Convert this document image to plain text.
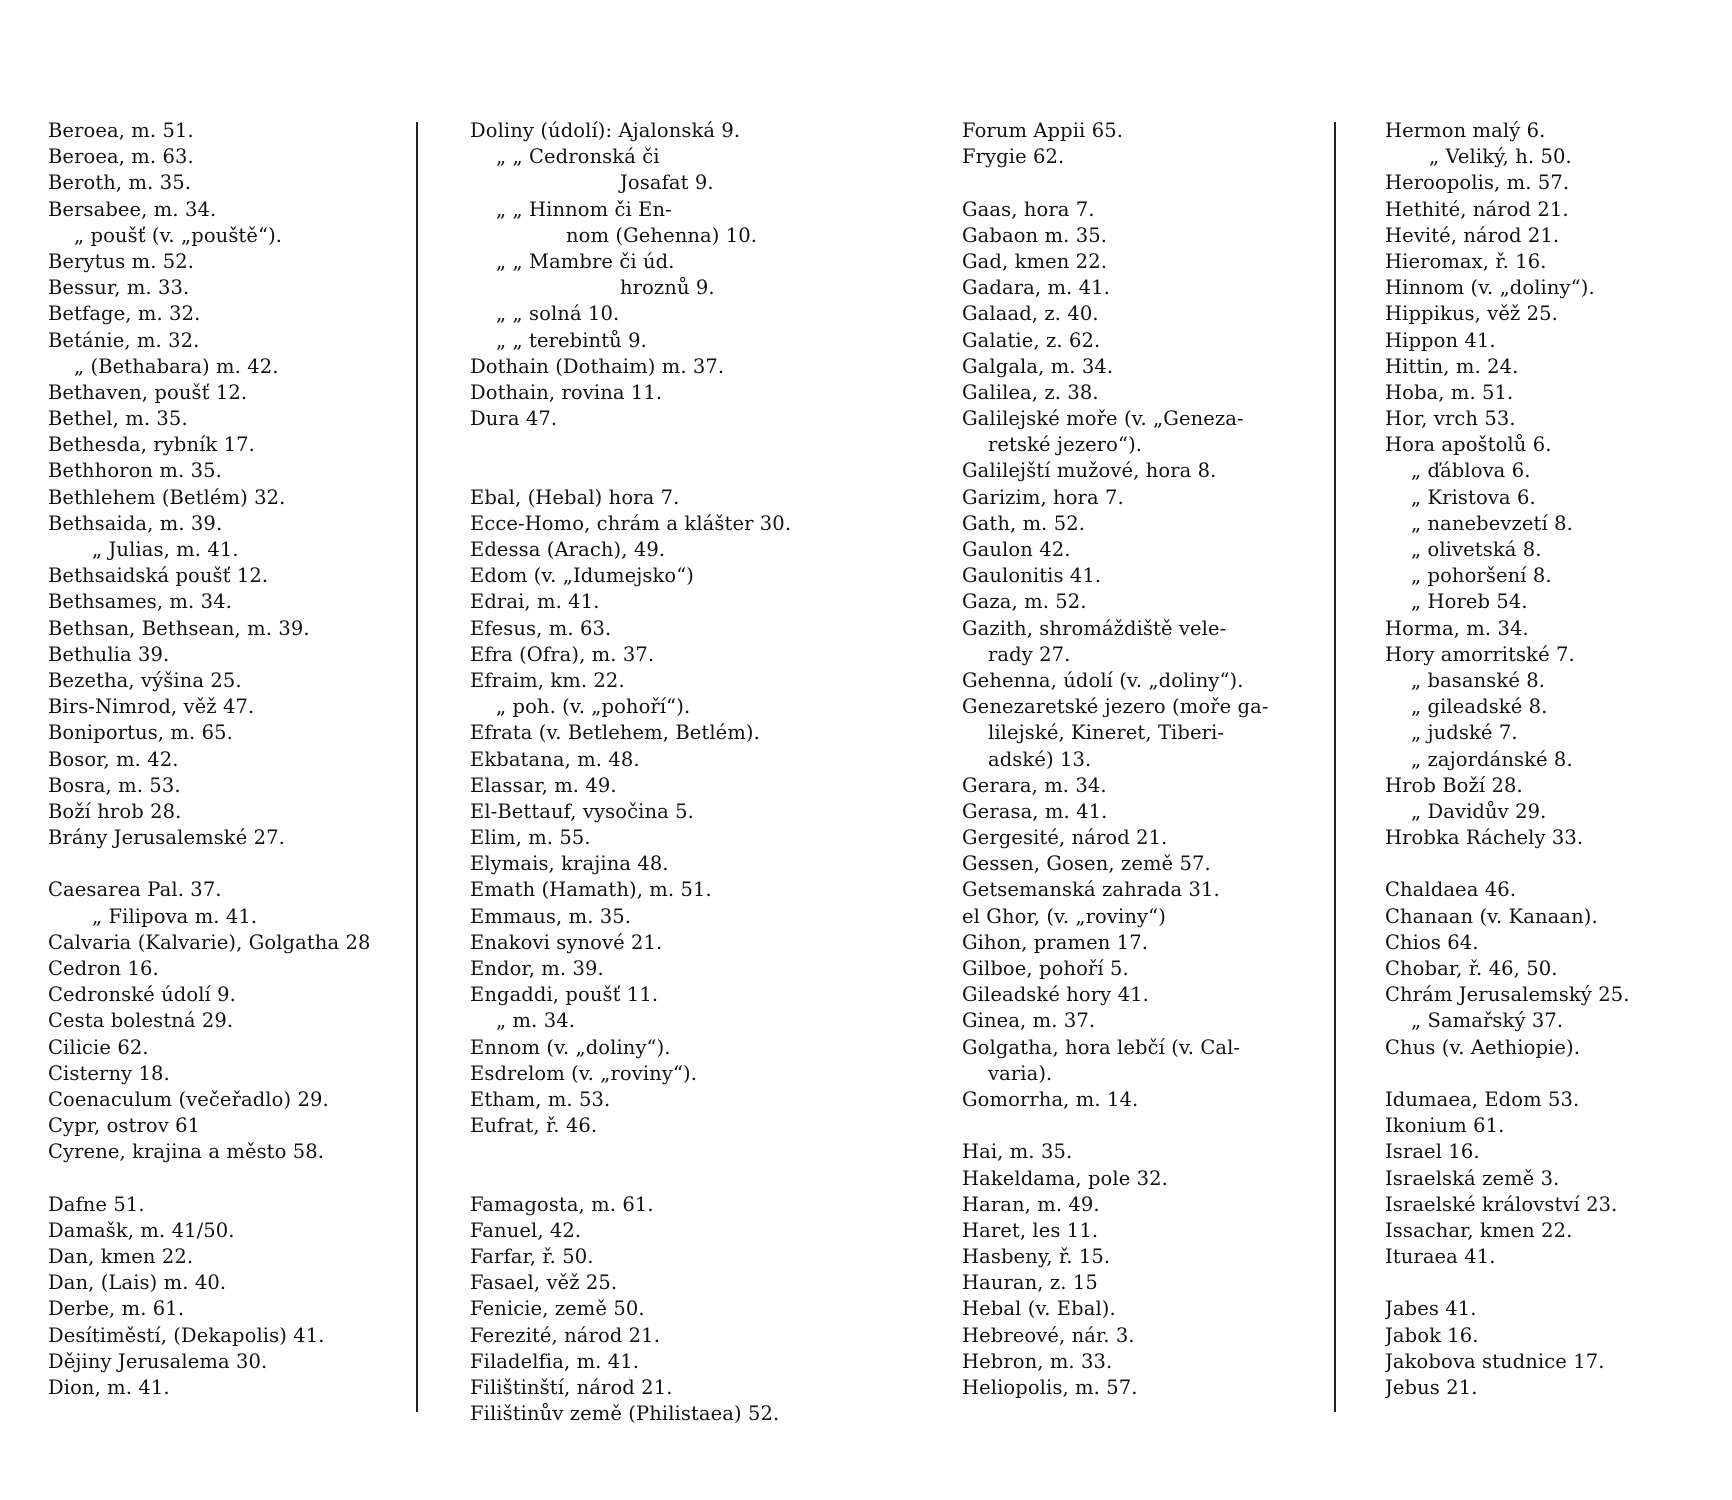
Beroea, m. 51.
Beroea, m. 63.
Beroth, m. 35.
Bersabee, m. 34.
„ poušť (v. „pouště“).
Berytus m. 52.
Bessur, m. 33.
Betfage, m. 32.
Betánie, m. 32.
„ (Bethabara) m. 42.
Bethaven, poušť 12.
Bethel, m. 35.
Bethesda, rybník 17.
Bethhoron m. 35.
Bethlehem (Betlém) 32.
Bethsaida, m. 39.
„ Julias, m. 41.
Bethsaidská poušť 12.
Bethsames, m. 34.
Bethsan, Bethsean, m. 39.
Bethulia 39.
Bezetha, výšina 25.
Birs-Nimrod, věž 47.
Boniportus, m. 65.
Bosor, m. 42.
Bosra, m. 53.
Boží hrob 28.
Brány Jerusalemské 27.
Caesarea Pal. 37.
„ Filipova m. 41.
Calvaria (Kalvarie), Golgatha 28
Cedron 16.
Cedronské údolí 9.
Cesta bolestná 29.
Cilicie 62.
Cisterny 18.
Coenaculum (večeřadlo) 29.
Cypr, ostrov 61
Cyrene, krajina a město 58.
Dafne 51.
Damašk, m. 41/50.
Dan, kmen 22.
Dan, (Lais) m. 40.
Derbe, m. 61.
Desítiměstí, (Dekapolis) 41.
Dějiny Jerusalema 30.
Dion, m. 41.
Doliny (údolí): Ajalonská 9.
„ „ Cedronská či
Josafat 9.
„ „ Hinnom či En-
nom (Gehenna) 10.
„ „ Mambre či úd.
hroznů 9.
„ „ solná 10.
„ „ terebintů 9.
Dothain (Dothaim) m. 37.
Dothain, rovina 11.
Dura 47.
Ebal, (Hebal) hora 7.
Ecce-Homo, chrám a klášter 30.
Edessa (Arach), 49.
Edom (v. „Idumejsko“)
Edrai, m. 41.
Efesus, m. 63.
Efra (Ofra), m. 37.
Efraim, km. 22.
„ poh. (v. „pohoří“).
Efrata (v. Betlehem, Betlém).
Ekbatana, m. 48.
Elassar, m. 49.
El-Bettauf, vysočina 5.
Elim, m. 55.
Elymais, krajina 48.
Emath (Hamath), m. 51.
Emmaus, m. 35.
Enakovi synové 21.
Endor, m. 39.
Engaddi, poušť 11.
„ m. 34.
Ennom (v. „doliny“).
Esdrelom (v. „roviny“).
Etham, m. 53.
Eufrat, ř. 46.
Famagosta, m. 61.
Fanuel, 42.
Farfar, ř. 50.
Fasael, věž 25.
Fenicie, země 50.
Ferezité, národ 21.
Filadelfia, m. 41.
Filištinští, národ 21.
Filištinův země (Philistaea) 52.
Forum Appii 65.
Frygie 62.
Gaas, hora 7.
Gabaon m. 35.
Gad, kmen 22.
Gadara, m. 41.
Galaad, z. 40.
Galatie, z. 62.
Galgala, m. 34.
Galilea, z. 38.
Galilejské moře (v. „Geneza-
retské jezero“).
Galilejští mužové, hora 8.
Garizim, hora 7.
Gath, m. 52.
Gaulon 42.
Gaulonitis 41.
Gaza, m. 52.
Gazith, shromáždiště vele-
rady 27.
Gehenna, údolí (v. „doliny“).
Genezaretské jezero (moře ga-
lilejské, Kineret, Tiberi-
adské) 13.
Gerara, m. 34.
Gerasa, m. 41.
Gergesité, národ 21.
Gessen, Gosen, země 57.
Getsemanská zahrada 31.
el Ghor, (v. „roviny“)
Gihon, pramen 17.
Gilboe, pohoří 5.
Gileadské hory 41.
Ginea, m. 37.
Golgatha, hora lebčí (v. Cal-
varia).
Gomorrha, m. 14.
Hai, m. 35.
Hakeldama, pole 32.
Haran, m. 49.
Haret, les 11.
Hasbeny, ř. 15.
Hauran, z. 15
Hebal (v. Ebal).
Hebreové, nár. 3.
Hebron, m. 33.
Heliopolis, m. 57.
Hermon malý 6.
„ Veliký, h. 50.
Heroopolis, m. 57.
Hethité, národ 21.
Hevité, národ 21.
Hieromax, ř. 16.
Hinnom (v. „doliny“).
Hippikus, věž 25.
Hippon 41.
Hittin, m. 24.
Hoba, m. 51.
Hor, vrch 53.
Hora apoštolů 6.
„ ďáblova 6.
„ Kristova 6.
„ nanebevzetí 8.
„ olivetská 8.
„ pohoršení 8.
„ Horeb 54.
Horma, m. 34.
Hory amorritské 7.
„ basanské 8.
„ gileadské 8.
„ judské 7.
„ zajordánské 8.
Hrob Boží 28.
„ Davidův 29.
Hrobka Ráchely 33.
Chaldaea 46.
Chanaan (v. Kanaan).
Chios 64.
Chobar, ř. 46, 50.
Chrám Jerusalemský 25.
„ Samařský 37.
Chus (v. Aethiopie).
Idumaea, Edom 53.
Ikonium 61.
Israel 16.
Israelská země 3.
Israelské království 23.
Issachar, kmen 22.
Ituraea 41.
Jabes 41.
Jabok 16.
Jakobova studnice 17.
Jebus 21.
